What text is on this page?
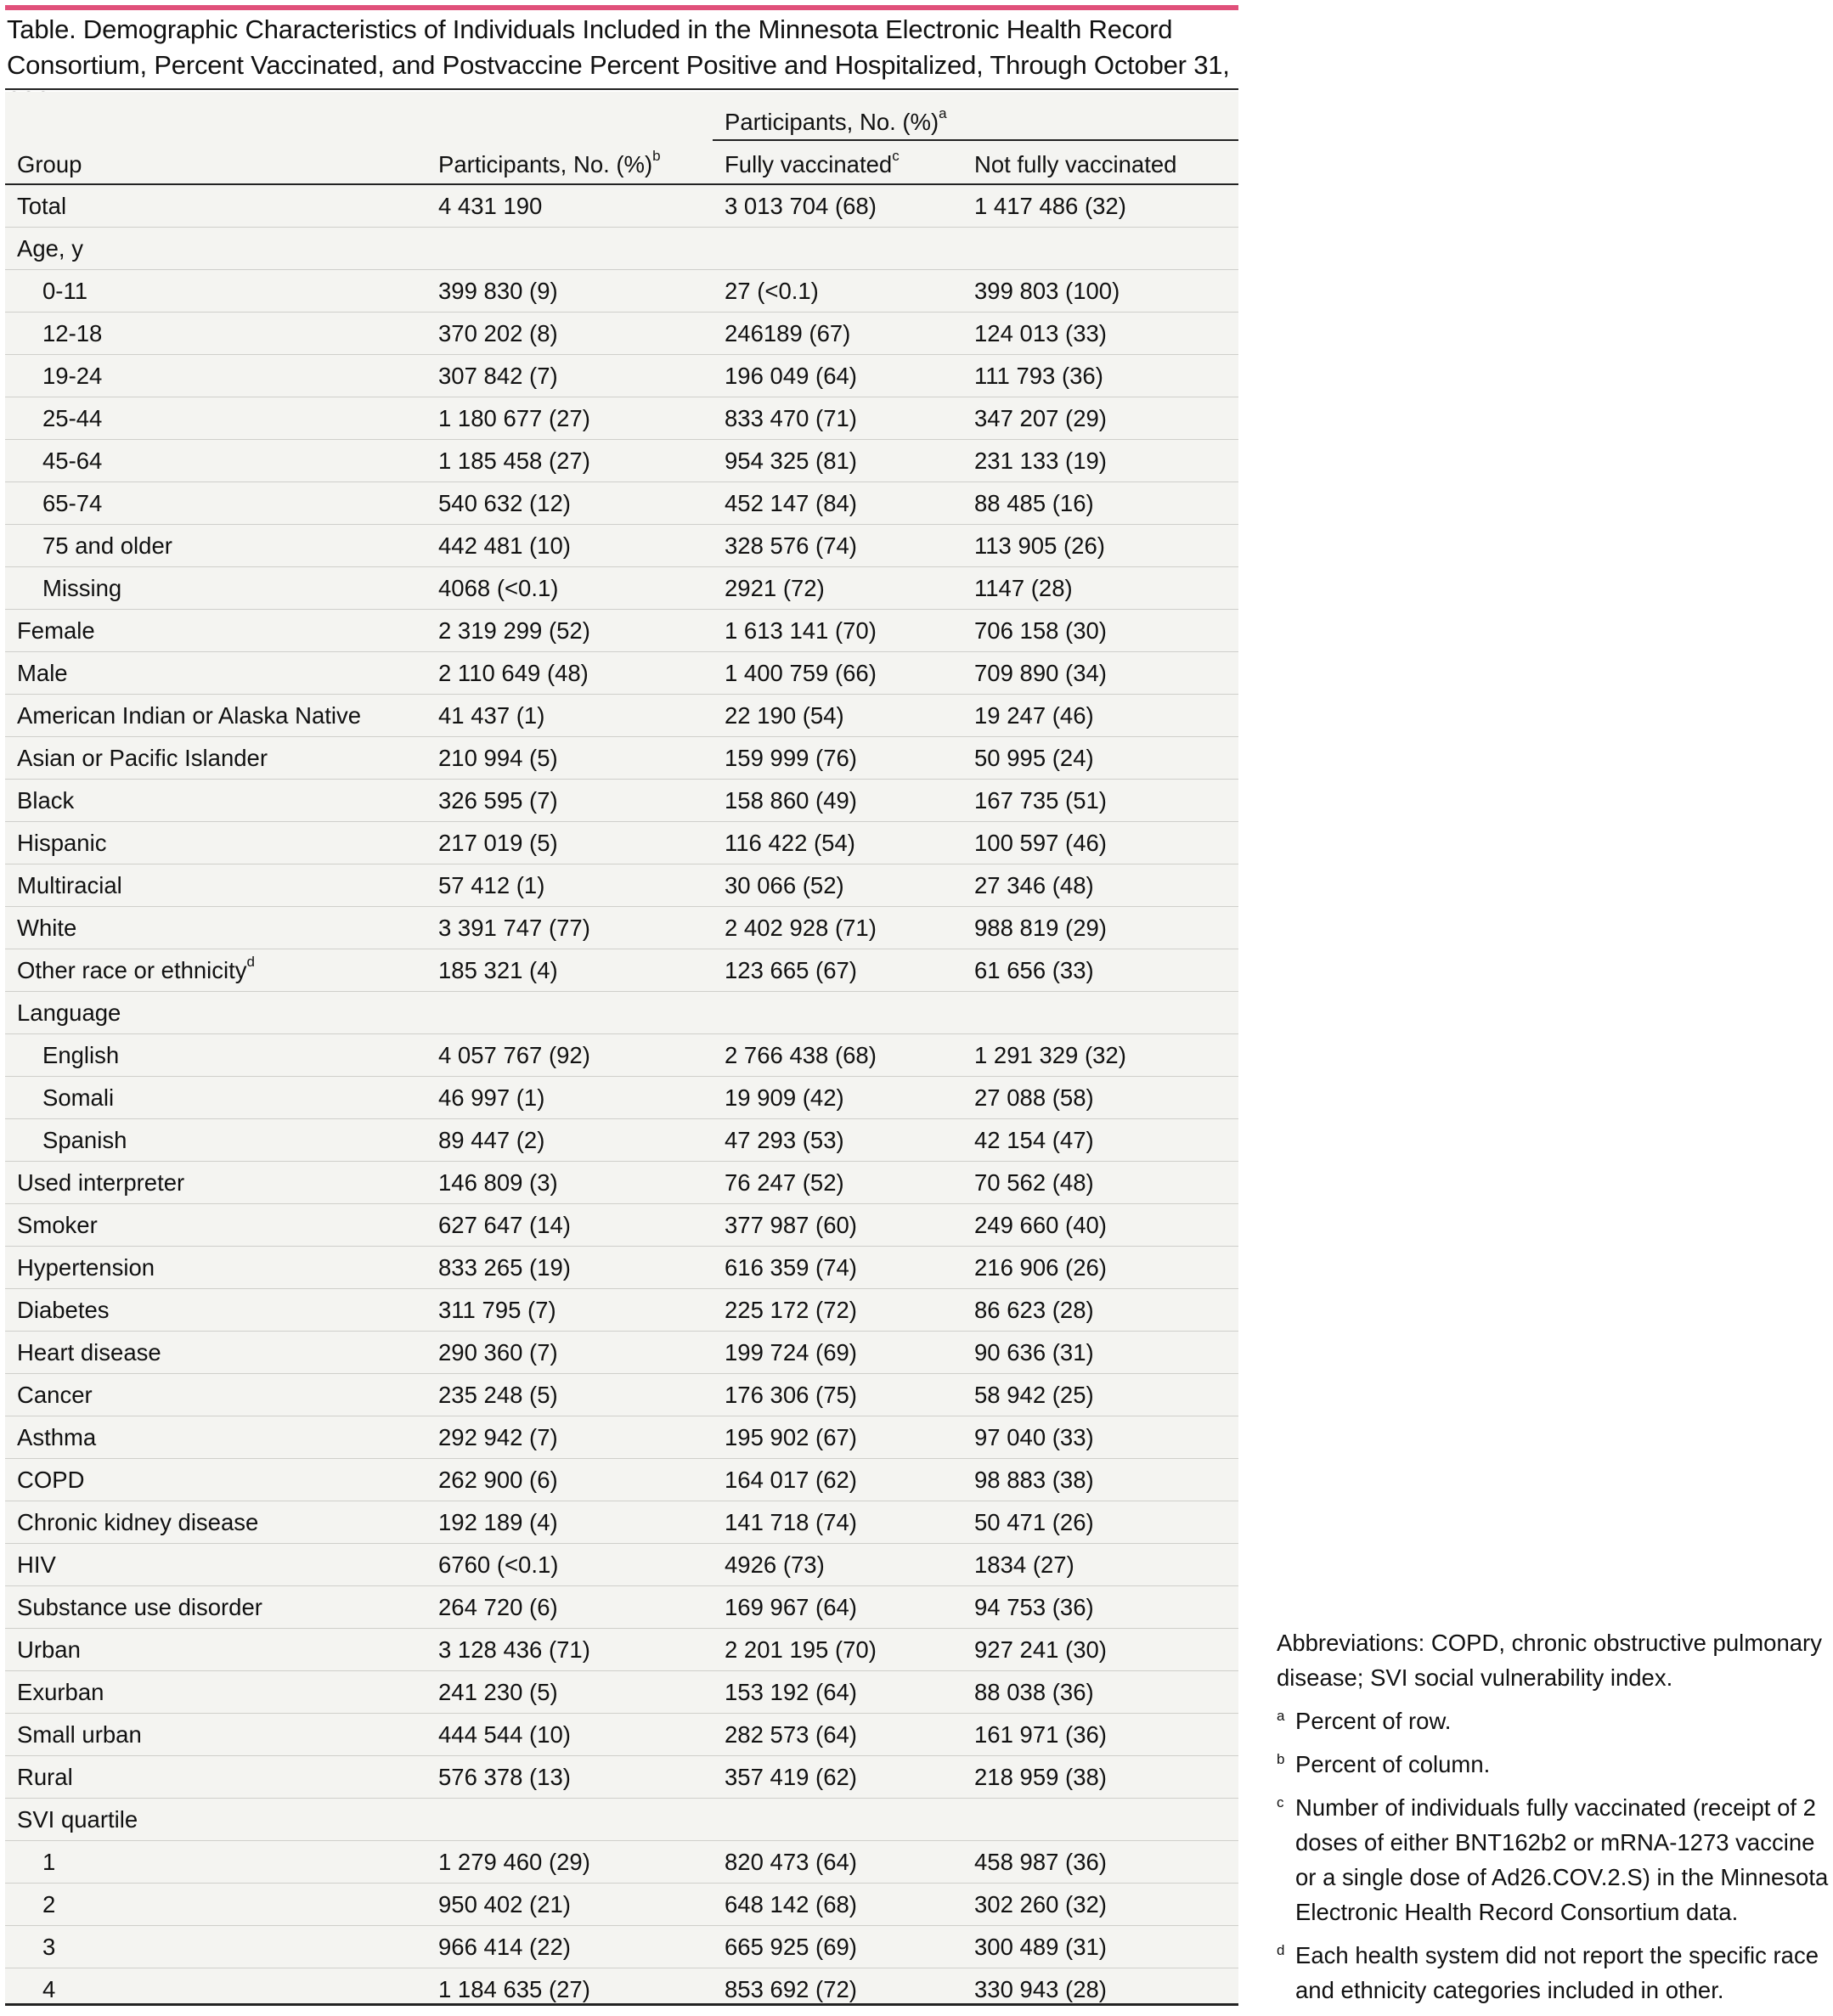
Table. Demographic Characteristics of Individuals Included in the Minnesota Electronic Health Record Consortium, Percent Vaccinated, and Postvaccine Percent Positive and Hospitalized, Through October 31,
		Participants, No. (%)$^a$
Group	Participants, No. (%)$^b$	Fully vaccinated$^c$	Not fully vaccinated
Total	4 431 190	3 013 704 (68)	1 417 486 (32)
Age, y			
0-11	399 830 (9)	27 (<0.1)	399 803 (100)
12-18	370 202 (8)	246189 (67)	124 013 (33)
19-24	307 842 (7)	196 049 (64)	111 793 (36)
25-44	1 180 677 (27)	833 470 (71)	347 207 (29)
45-64	1 185 458 (27)	954 325 (81)	231 133 (19)
65-74	540 632 (12)	452 147 (84)	88 485 (16)
75 and older	442 481 (10)	328 576 (74)	113 905 (26)
Missing	4068 (<0.1)	2921 (72)	1147 (28)
Female	2 319 299 (52)	1 613 141 (70)	706 158 (30)
Male	2 110 649 (48)	1 400 759 (66)	709 890 (34)
American Indian or Alaska Native	41 437 (1)	22 190 (54)	19 247 (46)
Asian or Pacific Islander	210 994 (5)	159 999 (76)	50 995 (24)
Black	326 595 (7)	158 860 (49)	167 735 (51)
Hispanic	217 019 (5)	116 422 (54)	100 597 (46)
Multiracial	57 412 (1)	30 066 (52)	27 346 (48)
White	3 391 747 (77)	2 402 928 (71)	988 819 (29)
Other race or ethnicity$^d$	185 321 (4)	123 665 (67)	61 656 (33)
Language			
English	4 057 767 (92)	2 766 438 (68)	1 291 329 (32)
Somali	46 997 (1)	19 909 (42)	27 088 (58)
Spanish	89 447 (2)	47 293 (53)	42 154 (47)
Used interpreter	146 809 (3)	76 247 (52)	70 562 (48)
Smoker	627 647 (14)	377 987 (60)	249 660 (40)
Hypertension	833 265 (19)	616 359 (74)	216 906 (26)
Diabetes	311 795 (7)	225 172 (72)	86 623 (28)
Heart disease	290 360 (7)	199 724 (69)	90 636 (31)
Cancer	235 248 (5)	176 306 (75)	58 942 (25)
Asthma	292 942 (7)	195 902 (67)	97 040 (33)
COPD	262 900 (6)	164 017 (62)	98 883 (38)
Chronic kidney disease	192 189 (4)	141 718 (74)	50 471 (26)
HIV	6760 (<0.1)	4926 (73)	1834 (27)
Substance use disorder	264 720 (6)	169 967 (64)	94 753 (36)
Urban	3 128 436 (71)	2 201 195 (70)	927 241 (30)
Exurban	241 230 (5)	153 192 (64)	88 038 (36)
Small urban	444 544 (10)	282 573 (64)	161 971 (36)
Rural	576 378 (13)	357 419 (62)	218 959 (38)
SVI quartile			
1	1 279 460 (29)	820 473 (64)	458 987 (36)
2	950 402 (21)	648 142 (68)	302 260 (32)
3	966 414 (22)	665 925 (69)	300 489 (31)
4	1 184 635 (27)	853 692 (72)	330 943 (28)

Abbreviations: COPD, chronic obstructive pulmonary disease; SVI social vulnerability index.

a Percent of row.
b Percent of column.
c Number of individuals fully vaccinated (receipt of 2 doses of either BNT162b2 or mRNA-1273 vaccine or a single dose of Ad26.COV.2.S) in the Minnesota Electronic Health Record Consortium data.
d Each health system did not report the specific race and ethnicity categories included in other.
